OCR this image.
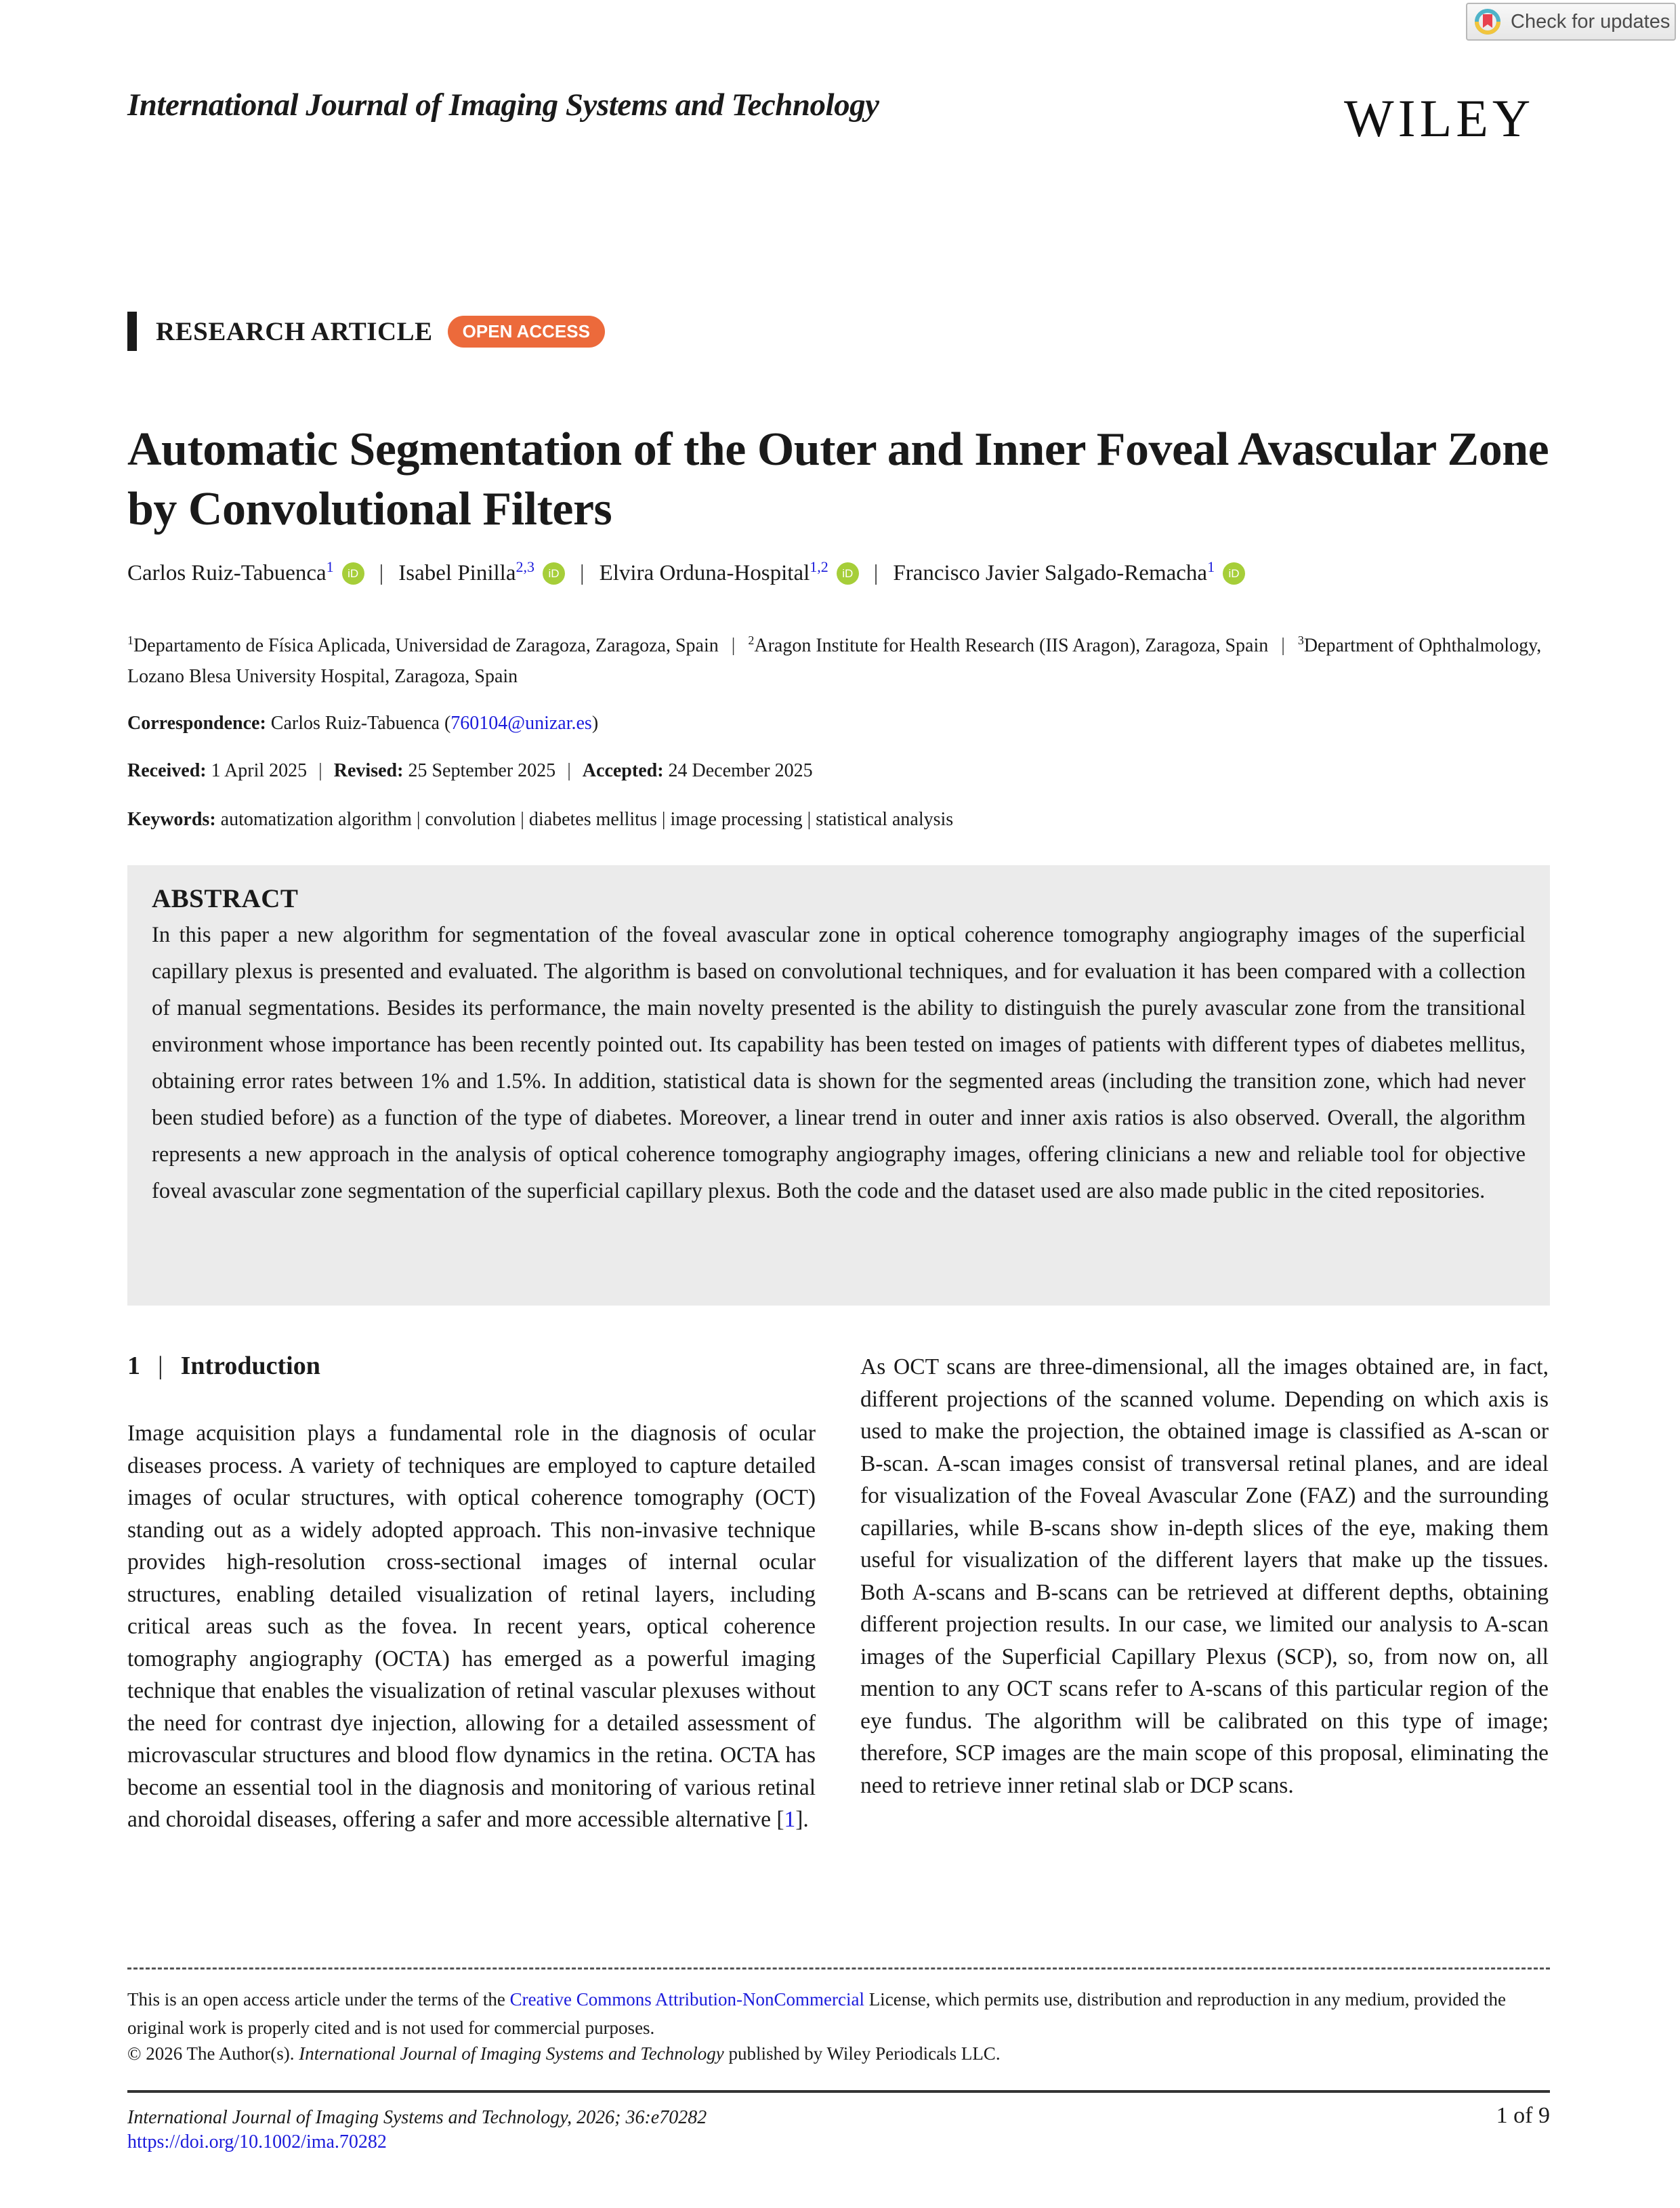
Check for updates
International Journal of Imaging Systems and Technology	WILEY
RESEARCH ARTICLE	OPEN ACCESS
Automatic Segmentation of the Outer and Inner Foveal Avascular Zone by Convolutional Filters
Carlos Ruiz-Tabuenca$^1$	iD | Isabel Pinilla$^{2,3}$	iD | Elvira Orduna-Hospital$^{1,2}$	iD | Francisco Javier Salgado-Remacha$^1$	iD
$^1$Departamento de Física Aplicada, Universidad de Zaragoza, Zaragoza, Spain | $^2$Aragon Institute for Health Research (IIS Aragon), Zaragoza, Spain | $^3$Department of Ophthalmology, Lozano Blesa University Hospital, Zaragoza, Spain
Correspondence: Carlos Ruiz-Tabuenca (760104@unizar.es)
Received: 1 April 2025 | Revised: 25 September 2025 | Accepted: 24 December 2025
Keywords: automatization algorithm | convolution | diabetes mellitus | image processing | statistical analysis
ABSTRACT

In this paper a new algorithm for segmentation of the foveal avascular zone in optical coherence tomography angiography images of the superficial capillary plexus is presented and evaluated. The algorithm is based on convolutional techniques, and for evaluation it has been compared with a collection of manual segmentations. Besides its performance, the main novelty presented is the ability to distinguish the purely avascular zone from the transitional environment whose importance has been recently pointed out. Its capability has been tested on images of patients with different types of diabetes mellitus, obtaining error rates between 1% and 1.5%. In addition, statistical data is shown for the segmented areas (including the transition zone, which had never been studied before) as a function of the type of diabetes. Moreover, a linear trend in outer and inner axis ratios is also observed. Overall, the algorithm represents a new approach in the analysis of optical coherence tomography angiography images, offering clinicians a new and reliable tool for objective foveal avascular zone segmentation of the superficial capillary plexus. Both the code and the dataset used are also made public in the cited repositories.

1 | Introduction

Image acquisition plays a fundamental role in the diagnosis of ocular diseases process. A variety of techniques are employed to capture detailed images of ocular structures, with optical coherence tomography (OCT) standing out as a widely adopted approach. This non-invasive technique provides high-resolution cross-sectional images of internal ocular structures, enabling detailed visualization of retinal layers, including critical areas such as the fovea. In recent years, optical coherence tomography angiography (OCTA) has emerged as a powerful imaging technique that enables the visualization of retinal vascular plexuses without the need for contrast dye injection, allowing for a detailed assessment of microvascular structures and blood flow dynamics in the retina. OCTA has become an essential tool in the diagnosis and monitoring of various retinal and choroidal diseases, offering a safer and more accessible alternative [1].

As OCT scans are three-dimensional, all the images obtained are, in fact, different projections of the scanned volume. Depending on which axis is used to make the projection, the obtained image is classified as A-scan or B-scan. A-scan images consist of transversal retinal planes, and are ideal for visualization of the Foveal Avascular Zone (FAZ) and the surrounding capillaries, while B-scans show in-depth slices of the eye, making them useful for visualization of the different layers that make up the tissues. Both A-scans and B-scans can be retrieved at different depths, obtaining different projection results. In our case, we limited our analysis to A-scan images of the Superficial Capillary Plexus (SCP), so, from now on, all mention to any OCT scans refer to A-scans of this particular region of the eye fundus. The algorithm will be calibrated on this type of image; therefore, SCP images are the main scope of this proposal, eliminating the need to retrieve inner retinal slab or DCP scans.

This is an open access article under the terms of the Creative Commons Attribution-NonCommercial License, which permits use, distribution and reproduction in any medium, provided the original work is properly cited and is not used for commercial purposes.
© 2026 The Author(s). International Journal of Imaging Systems and Technology published by Wiley Periodicals LLC.
International Journal of Imaging Systems and Technology, 2026; 36:e70282
https://doi.org/10.1002/ima.70282
1 of 9
